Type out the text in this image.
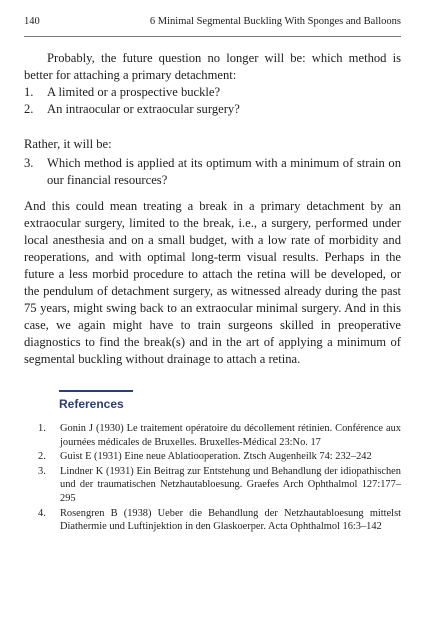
140	6 Minimal Segmental Buckling With Sponges and Balloons

Probably, the future question no longer will be: which method is better for attaching a primary detachment:

1. A limited or a prospective buckle?
2. An intraocular or extraocular surgery?

Rather, it will be:

3. Which method is applied at its optimum with a minimum of strain on our financial resources?

And this could mean treating a break in a primary detachment by an extraocular surgery, limited to the break, i.e., a surgery, performed under local anesthesia and on a small budget, with a low rate of morbidity and reoperations, and with optimal long-term visual results. Perhaps in the future a less morbid procedure to attach the retina will be developed, or the pendulum of detachment surgery, as witnessed already during the past 75 years, might swing back to an extraocular minimal surgery. And in this case, we again might have to train surgeons skilled in preoperative diagnostics to find the break(s) and in the art of applying a minimum of segmental buckling without drainage to attach a retina.

References
1. Gonin J (1930) Le traitement opératoire du décollement rétinien. Conférence aux journées médicales de Bruxelles. Bruxelles-Médical 23:No. 17
2. Guist E (1931) Eine neue Ablatiooperation. Ztsch Augenheilk 74: 232–242
3. Lindner K (1931) Ein Beitrag zur Entstehung und Behandlung der idiopathischen und der traumatischen Netzhautabloesung. Graefes Arch Ophthalmol 127:177–295
4. Rosengren B (1938) Ueber die Behandlung der Netzhautabloesung mittelst Diathermie und Luftinjektion in den Glaskoerper. Acta Ophthalmol 16:3–142
